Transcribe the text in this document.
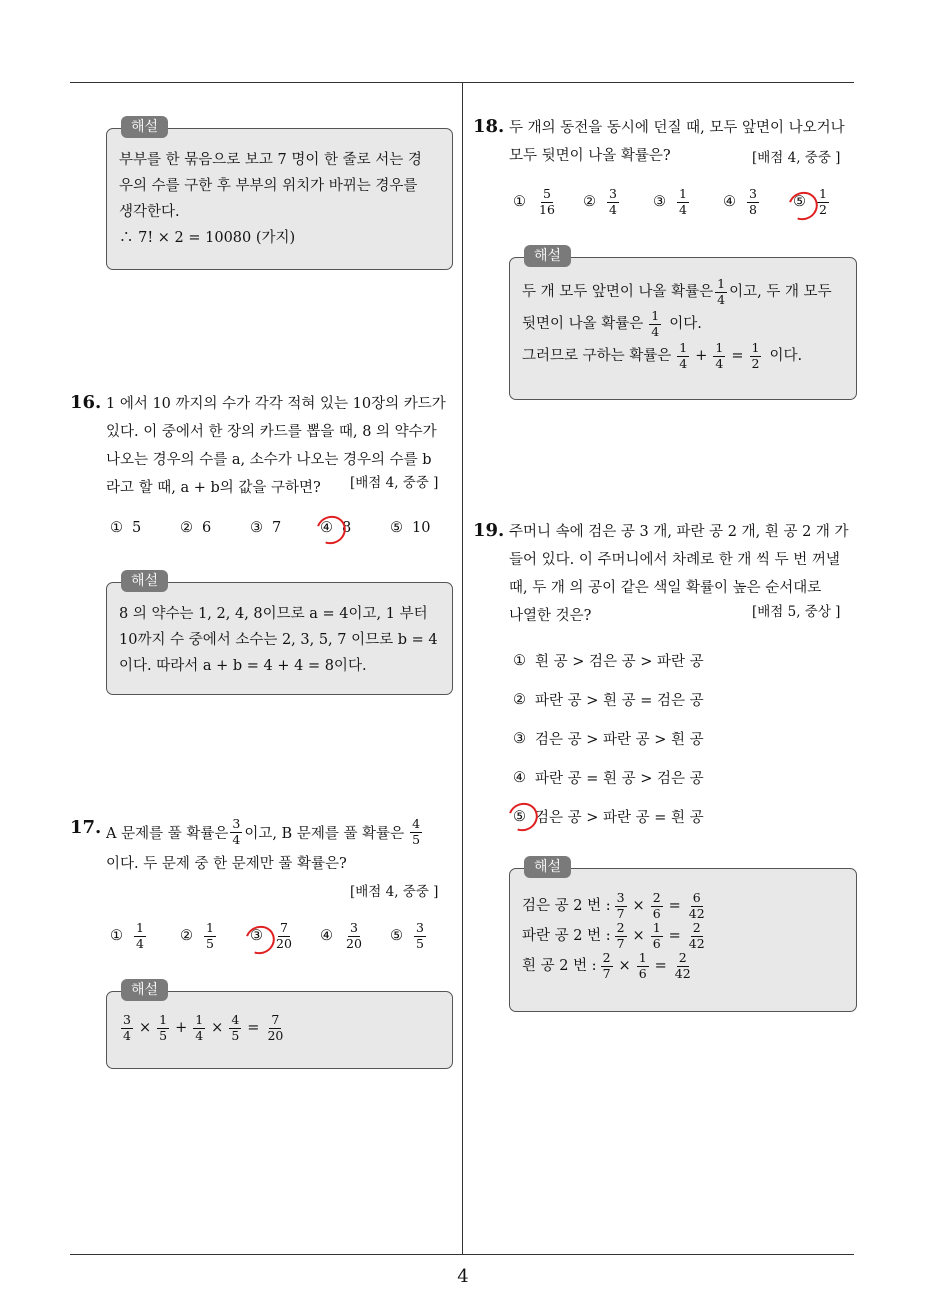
해설
부부를 한 묶음으로 보고 7 명이 한 줄로 서는 경
우의 수를 구한 후 부부의 위치가 바뀌는 경우를
생각한다.
∴ 7! × 2 = 10080 (가지)
16. 1 에서 10 까지의 수가 각각 적혀 있는 10장의 카드가
있다. 이 중에서 한 장의 카드를 뽑을 때, 8 의 약수가
나오는 경우의 수를 a, 소수가 나오는 경우의 수를 b
라고 할 때, a + b의 값을 구하면?	[배점 4, 중중 ]
① 5	② 6	③ 7	④ 8	⑤ 10
해설
8 의 약수는 1, 2, 4, 8이므로 a = 4이고, 1 부터
10까지 수 중에서 소수는 2, 3, 5, 7 이므로 b = 4
이다. 따라서 a + b = 4 + 4 = 8이다.
17. A 문제를 풀 확률은 $\frac{3}{4}$ 이고, B 문제를 풀 확률은 $\frac{4}{5}$
이다. 두 문제 중 한 문제만 풀 확률은?
[배점 4, 중중 ]
① $\frac{1}{4}$ ② $\frac{1}{5}$ ③ $\frac{7}{20}$ ④ $\frac{3}{20}$ ⑤ $\frac{3}{5}$
해설
$\frac{3}{4} \times \frac{1}{5} + \frac{1}{4} \times \frac{4}{5} = \frac{7}{20}$
18. 두 개의 동전을 동시에 던질 때, 모두 앞면이 나오거나
모두 뒷면이 나올 확률은?	[배점 4, 중중 ]
① $\frac{5}{16}$ ② $\frac{3}{4}$ ③ $\frac{1}{4}$ ④ $\frac{3}{8}$ ⑤ $\frac{1}{2}$
해설
두 개 모두 앞면이 나올 확률은 $\frac{1}{4}$ 이고, 두 개 모두
뒷면이 나올 확률은 $\frac{1}{4}$ 이다.
그러므로 구하는 확률은 $\frac{1}{4} + \frac{1}{4} = \frac{1}{2}$ 이다.
19. 주머니 속에 검은 공 3 개, 파란 공 2 개, 흰 공 2 개 가
들어 있다. 이 주머니에서 차례로 한 개 씩 두 번 꺼낼
때, 두 개 의 공이 같은 색일 확률이 높은 순서대로
나열한 것은?	[배점 5, 중상 ]
① 흰 공 > 검은 공 > 파란 공
② 파란 공 > 흰 공 = 검은 공
③ 검은 공 > 파란 공 > 흰 공
④ 파란 공 = 흰 공 > 검은 공
⑤ 검은 공 > 파란 공 = 흰 공
해설
검은 공 2 번 : $\frac{3}{7} \times \frac{2}{6} = \frac{6}{42}$
파란 공 2 번 : $\frac{2}{7} \times \frac{1}{6} = \frac{2}{42}$
흰 공 2 번 : $\frac{2}{7} \times \frac{1}{6} = \frac{2}{42}$
4
